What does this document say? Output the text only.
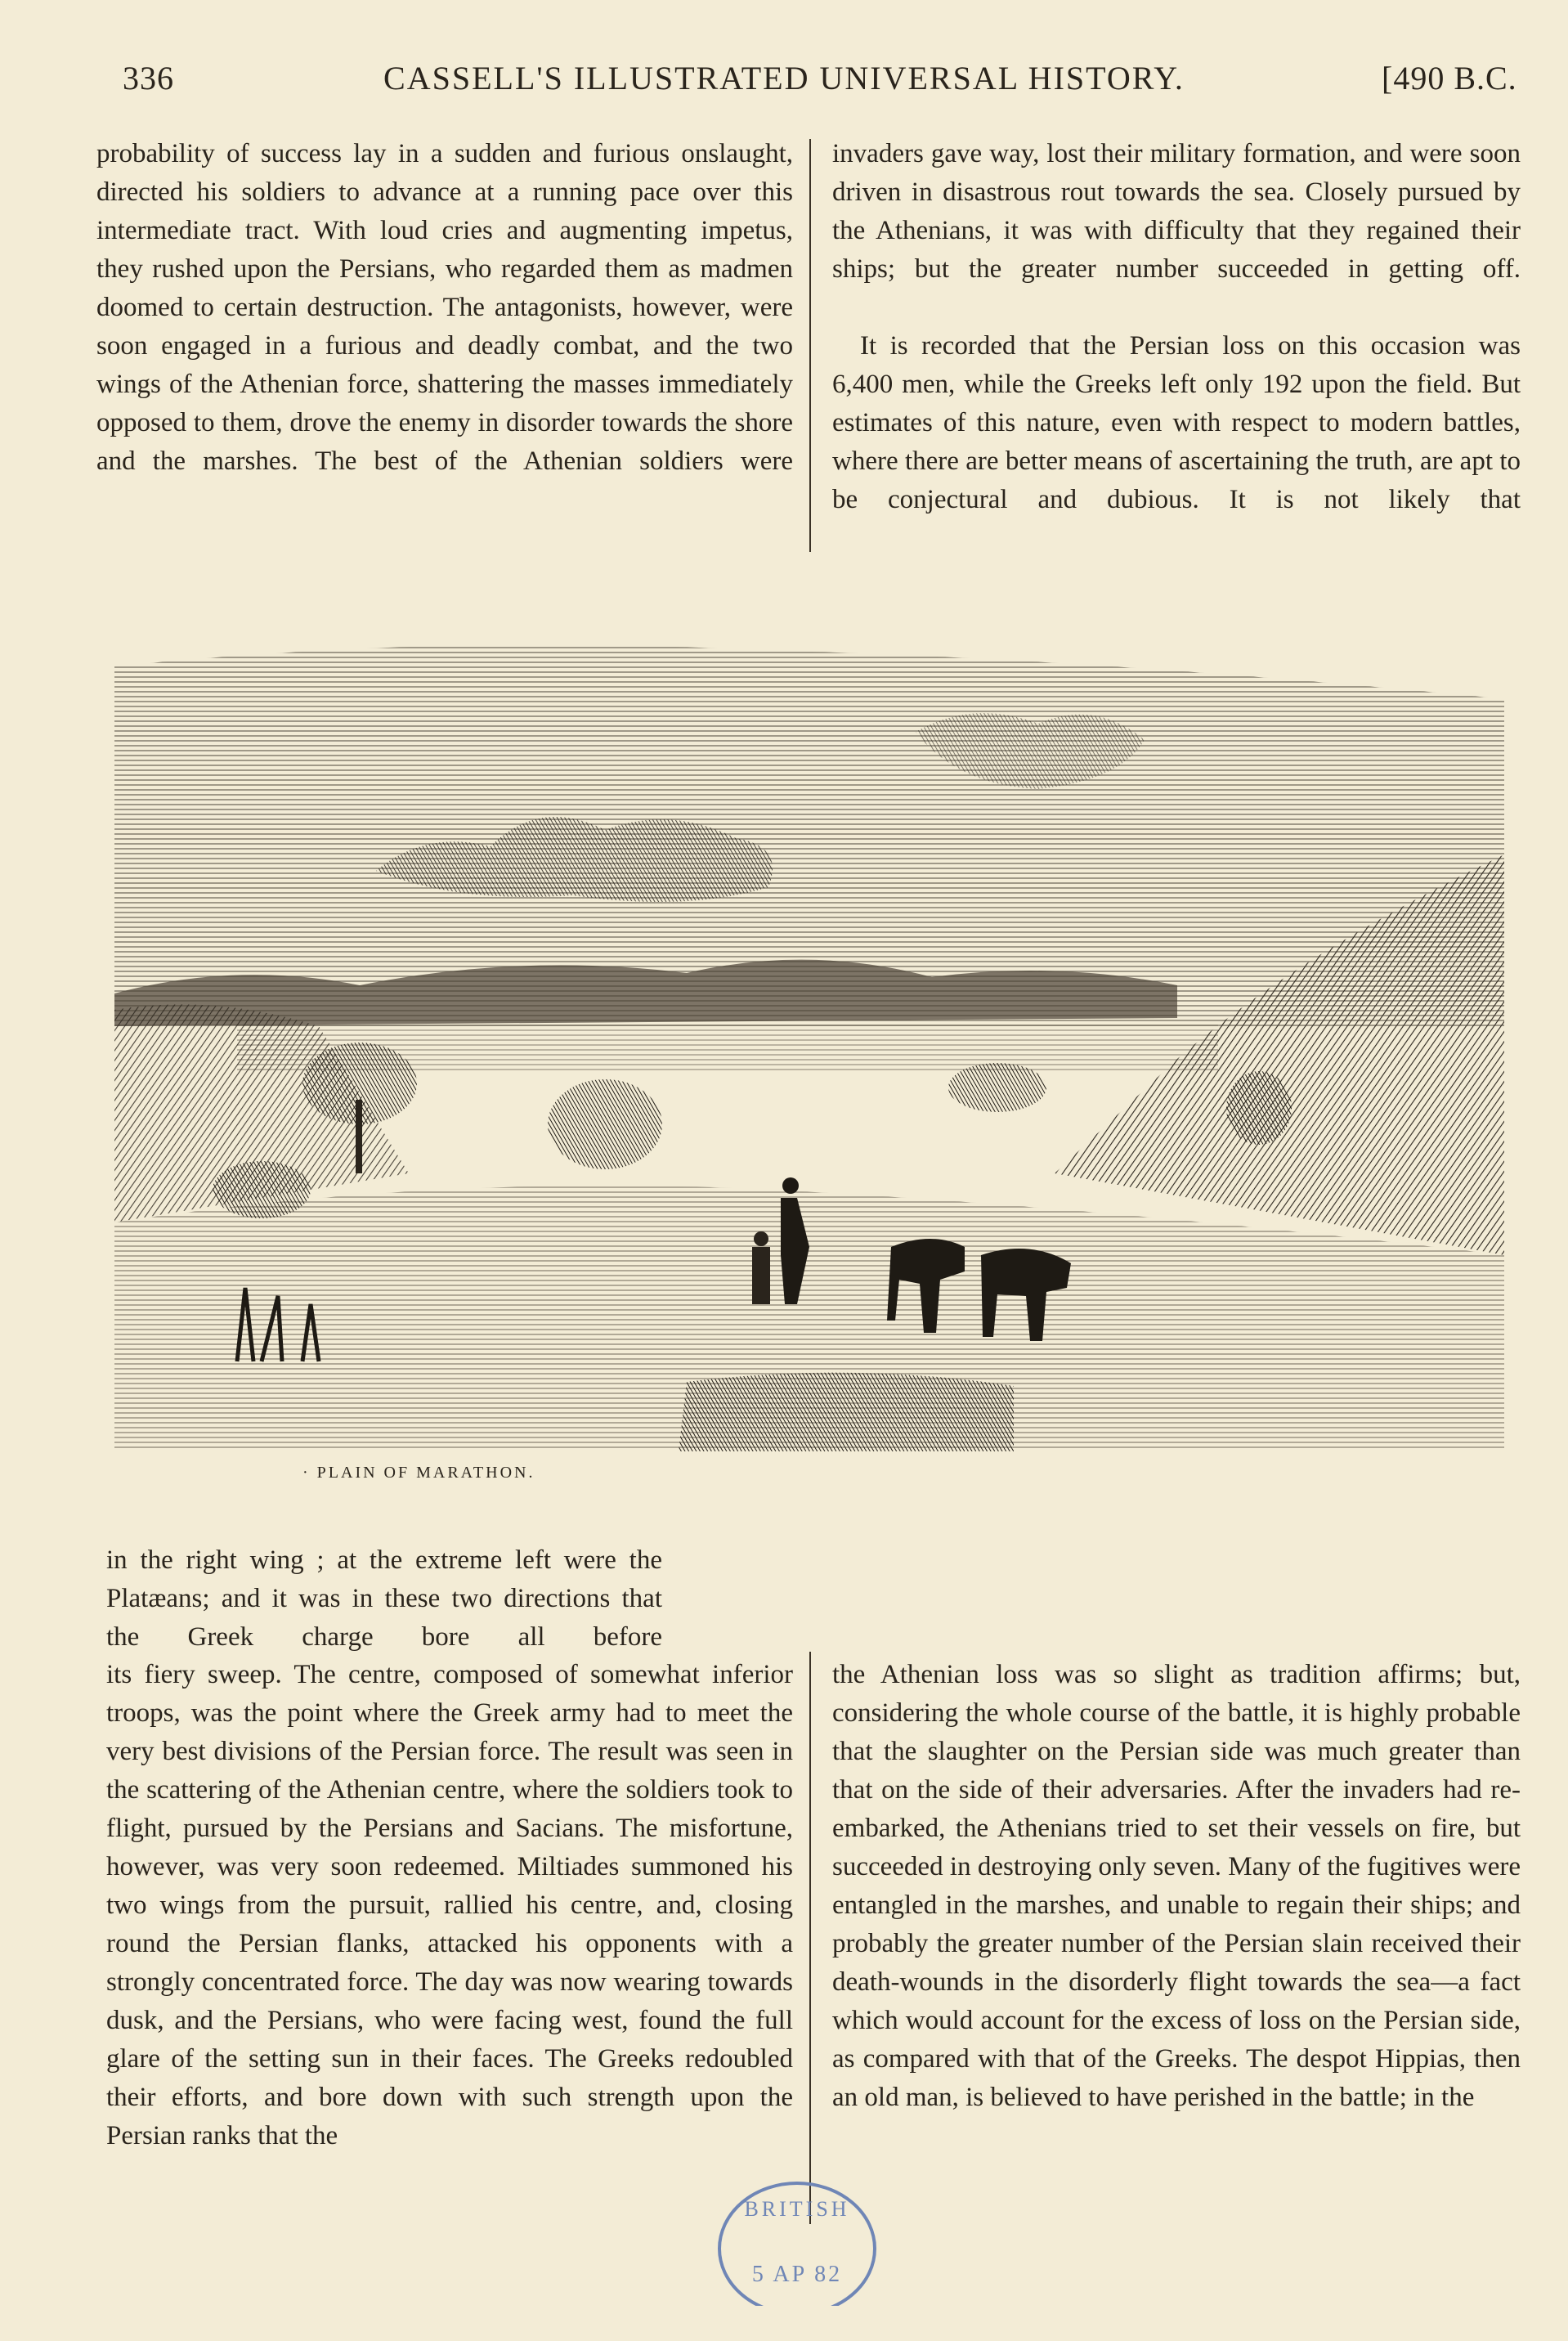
336	CASSELL'S ILLUSTRATED UNIVERSAL HISTORY.	[490 B.C.

probability of success lay in a sudden and furious onslaught, directed his soldiers to advance at a running pace over this intermediate tract. With loud cries and augmenting impetus, they rushed upon the Persians, who regarded them as madmen doomed to certain destruction. The antagonists, however, were soon engaged in a furious and deadly combat, and the two wings of the Athenian force, shattering the masses immediately opposed to them, drove the enemy in disorder towards the shore and the marshes. The best of the Athenian soldiers were

invaders gave way, lost their military formation, and were soon driven in disastrous rout towards the sea. Closely pursued by the Athenians, it was with difficulty that they regained their ships; but the greater number succeeded in getting off.

It is recorded that the Persian loss on this occasion was 6,400 men, while the Greeks left only 192 upon the field. But estimates of this nature, even with respect to modern battles, where there are better means of ascertaining the truth, are apt to be conjectural and dubious. It is not likely that

· PLAIN OF MARATHON.

in the right wing ; at the extreme left were the Platæans; and it was in these two directions that the Greek charge bore all before

its fiery sweep. The centre, composed of somewhat inferior troops, was the point where the Greek army had to meet the very best divisions of the Persian force. The result was seen in the scattering of the Athenian centre, where the soldiers took to flight, pursued by the Persians and Sacians. The misfortune, however, was very soon redeemed. Miltiades summoned his two wings from the pursuit, rallied his centre, and, closing round the Persian flanks, attacked his opponents with a strongly concentrated force. The day was now wearing towards dusk, and the Persians, who were facing west, found the full glare of the setting sun in their faces. The Greeks redoubled their efforts, and bore down with such strength upon the Persian ranks that the

the Athenian loss was so slight as tradition affirms; but, considering the whole course of the battle, it is highly probable that the slaughter on the Persian side was much greater than that on the side of their adversaries. After the invaders had re-embarked, the Athenians tried to set their vessels on fire, but succeeded in destroying only seven. Many of the fugitives were entangled in the marshes, and unable to regain their ships; and probably the greater number of the Persian slain received their death-wounds in the disorderly flight towards the sea—a fact which would account for the excess of loss on the Persian side, as compared with that of the Greeks. The despot Hippias, then an old man, is believed to have perished in the battle; in the

BRITISH
5 AP 82
